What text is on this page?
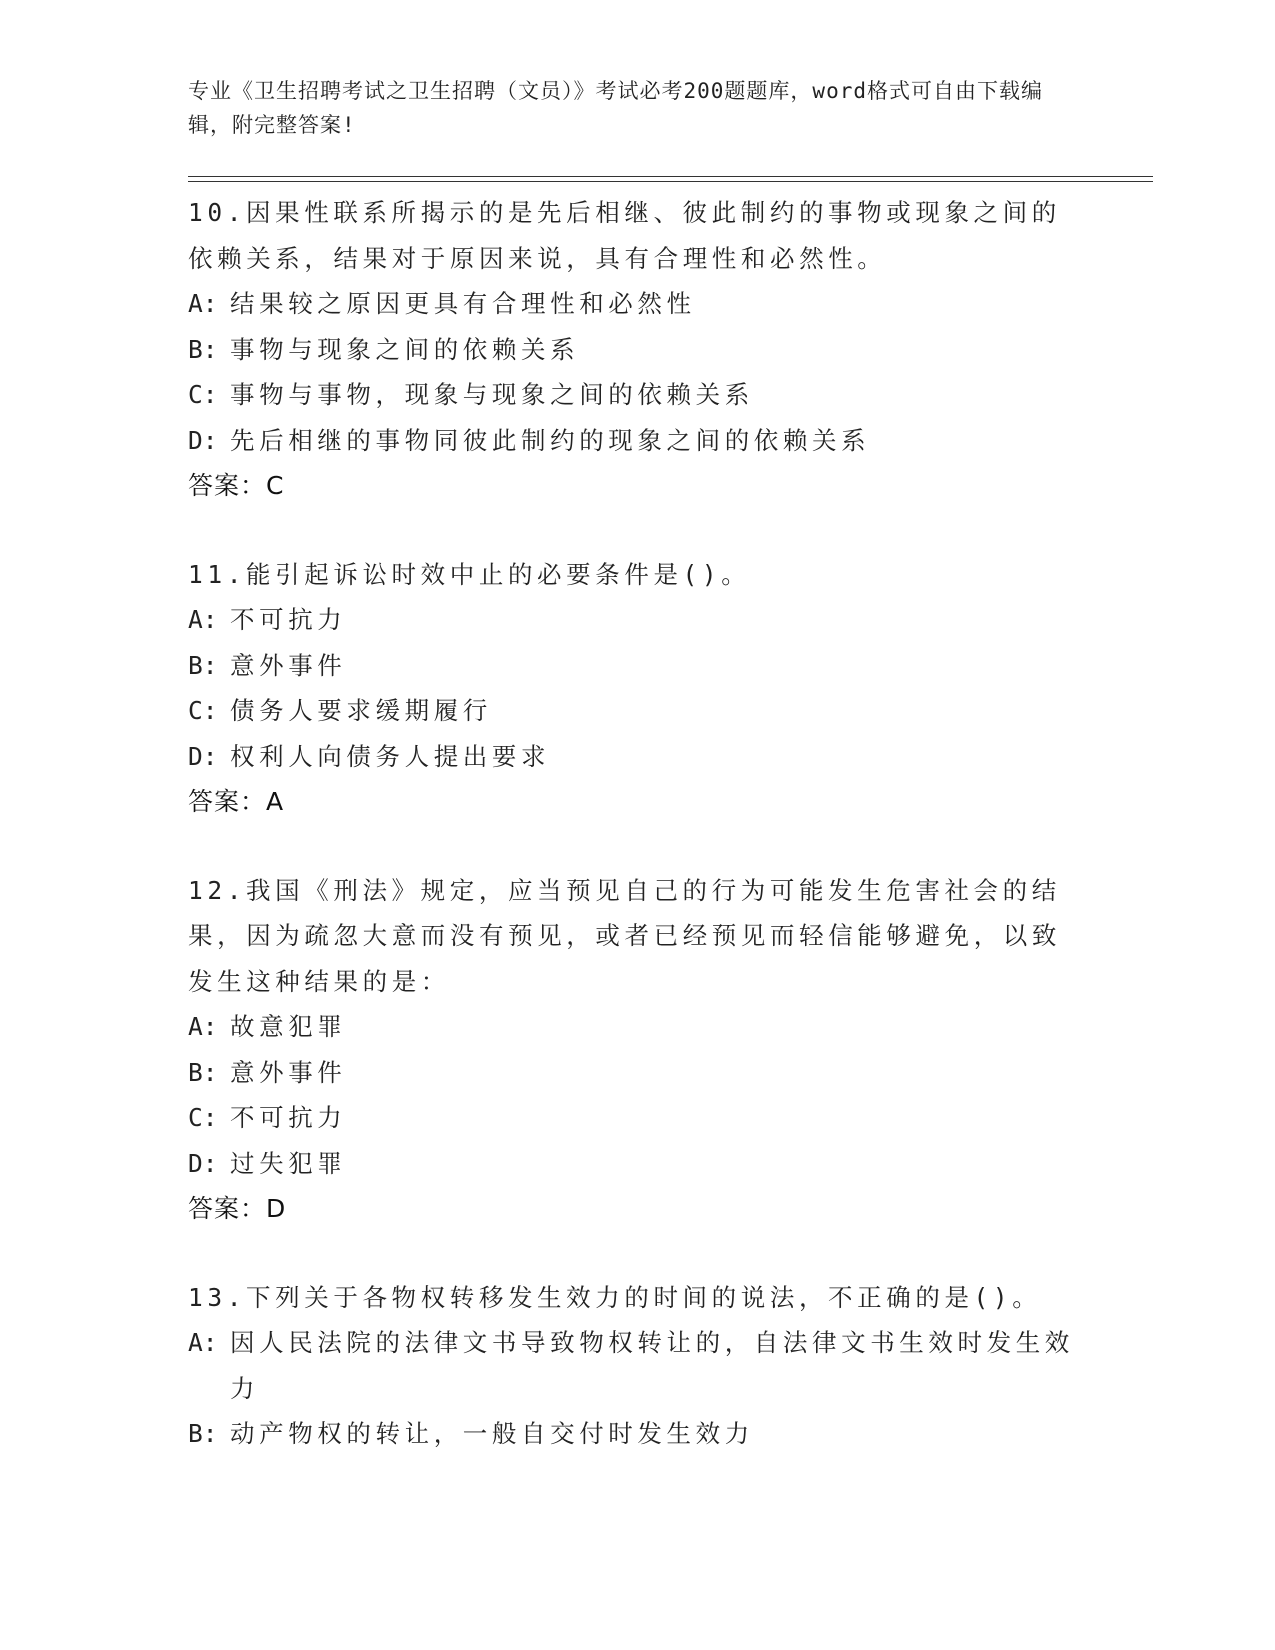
专业《卫生招聘考试之卫生招聘（文员）》考试必考200题题库，word格式可自由下载编辑，附完整答案!
10.因果性联系所揭示的是先后相继、彼此制约的事物或现象之间的依赖关系，结果对于原因来说，具有合理性和必然性。
A: 结果较之原因更具有合理性和必然性
B: 事物与现象之间的依赖关系
C: 事物与事物，现象与现象之间的依赖关系
D: 先后相继的事物同彼此制约的现象之间的依赖关系
答案：C
11.能引起诉讼时效中止的必要条件是()。
A: 不可抗力
B: 意外事件
C: 债务人要求缓期履行
D: 权利人向债务人提出要求
答案：A
12.我国《刑法》规定，应当预见自己的行为可能发生危害社会的结果，因为疏忽大意而没有预见，或者已经预见而轻信能够避免，以致发生这种结果的是：
A: 故意犯罪
B: 意外事件
C: 不可抗力
D: 过失犯罪
答案：D
13.下列关于各物权转移发生效力的时间的说法，不正确的是()。
A: 因人民法院的法律文书导致物权转让的，自法律文书生效时发生效力
B: 动产物权的转让，一般自交付时发生效力
